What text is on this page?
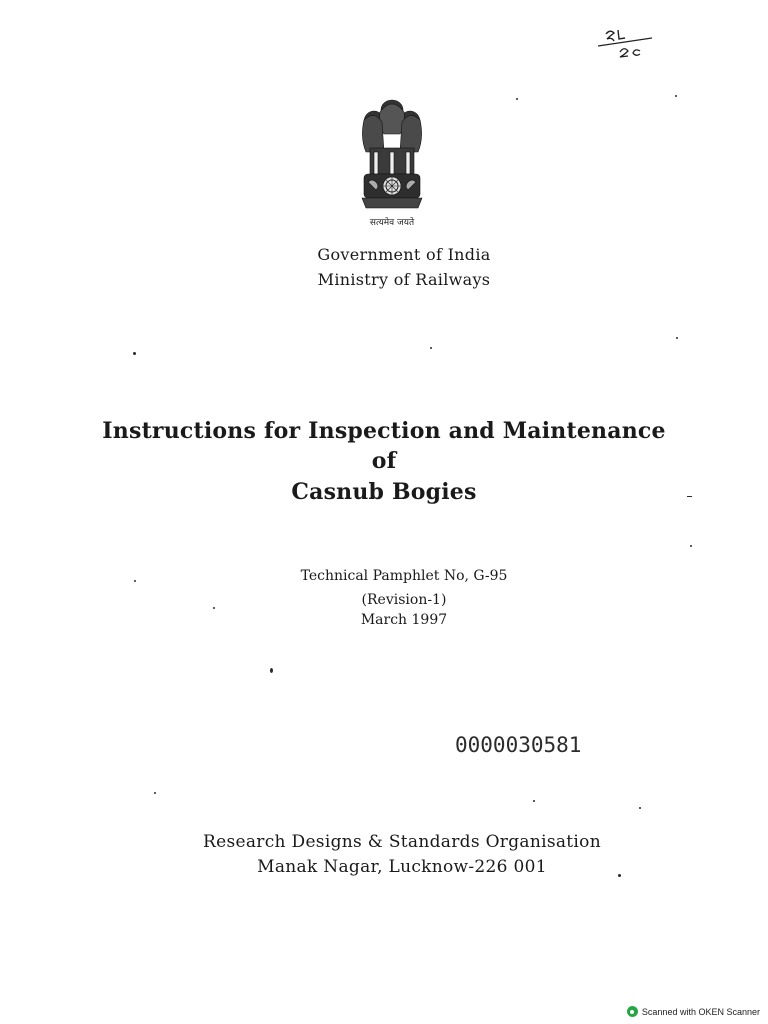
सत्यमेव जयते
Government of India
Ministry of Railways
Instructions for Inspection and Maintenance
of
Casnub Bogies
Technical Pamphlet No, G-95
(Revision-1)
March 1997
0000030581
Research Designs & Standards Organisation
Manak Nagar, Lucknow-226 001
Scanned with OKEN Scanner
